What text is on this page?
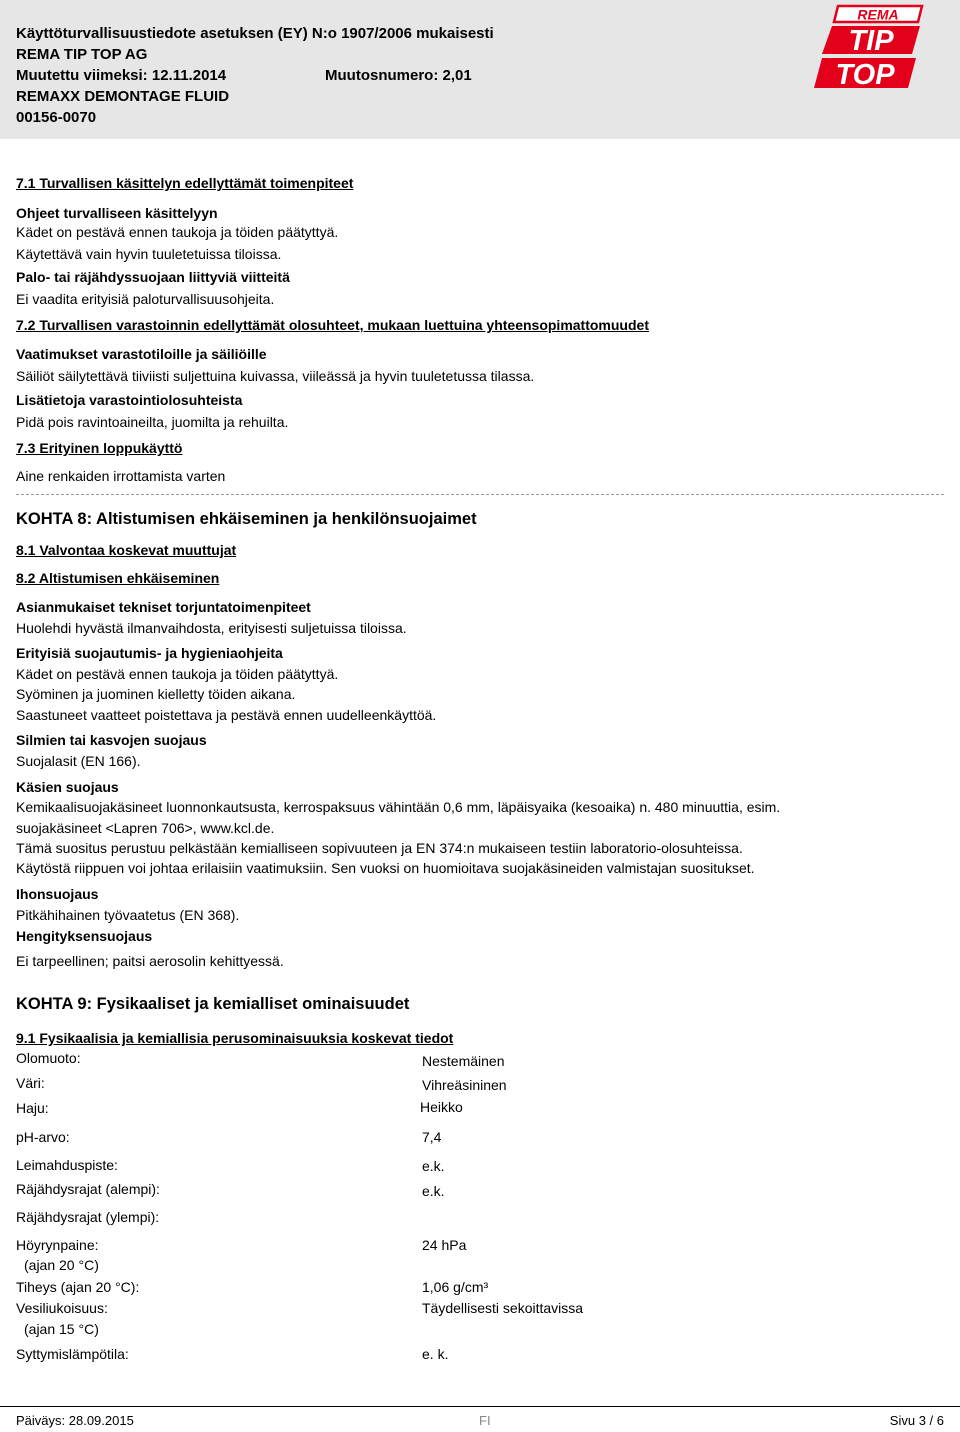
Käyttöturvallisuustiedote asetuksen (EY) N:o 1907/2006 mukaisesti
REMA TIP TOP AG
Muutettu viimeksi: 12.11.2014	Muutosnumero: 2,01
REMAXX DEMONTAGE FLUID
00156-0070
REMA
TIP
TOP
7.1 Turvallisen käsittelyn edellyttämät toimenpiteet
Ohjeet turvalliseen käsittelyyn
Kädet on pestävä ennen taukoja ja töiden päätyttyä.
Käytettävä vain hyvin tuuletetuissa tiloissa.
Palo- tai räjähdyssuojaan liittyviä viitteitä
Ei vaadita erityisiä paloturvallisuusohjeita.
7.2 Turvallisen varastoinnin edellyttämät olosuhteet, mukaan luettuina yhteensopimattomuudet
Vaatimukset varastotiloille ja säiliöille
Säiliöt säilytettävä tiiviisti suljettuina kuivassa, viileässä ja hyvin tuuletetussa tilassa.
Lisätietoja varastointiolosuhteista
Pidä pois ravintoaineilta, juomilta ja rehuilta.
7.3 Erityinen loppukäyttö
Aine renkaiden irrottamista varten
KOHTA 8: Altistumisen ehkäiseminen ja henkilönsuojaimet
8.1 Valvontaa koskevat muuttujat
8.2 Altistumisen ehkäiseminen
Asianmukaiset tekniset torjuntatoimenpiteet
Huolehdi hyvästä ilmanvaihdosta, erityisesti suljetuissa tiloissa.
Erityisiä suojautumis- ja hygieniaohjeita
Kädet on pestävä ennen taukoja ja töiden päätyttyä.
Syöminen ja juominen kielletty töiden aikana.
Saastuneet vaatteet poistettava ja pestävä ennen uudelleenkäyttöä.
Silmien tai kasvojen suojaus
Suojalasit (EN 166).
Käsien suojaus
Kemikaalisuojakäsineet luonnonkautsusta, kerrospaksuus vähintään 0,6 mm, läpäisyaika (kesoaika) n. 480 minuuttia, esim.
suojakäsineet <Lapren 706>, www.kcl.de.
Tämä suositus perustuu pelkästään kemialliseen sopivuuteen ja EN 374:n mukaiseen testiin laboratorio-olosuhteissa.
Käytöstä riippuen voi johtaa erilaisiin vaatimuksiin. Sen vuoksi on huomioitava suojakäsineiden valmistajan suositukset.
Ihonsuojaus
Pitkähihainen työvaatetus (EN 368).
Hengityksensuojaus
Ei tarpeellinen; paitsi aerosolin kehittyessä.
KOHTA 9: Fysikaaliset ja kemialliset ominaisuudet
9.1 Fysikaalisia ja kemiallisia perusominaisuuksia koskevat tiedot
Olomuoto:	Nestemäinen
Väri:	Vihreäsininen
Haju:	Heikko
pH-arvo:	7,4
Leimahduspiste:	e.k.
Räjähdysrajat (alempi):	e.k.
Räjähdysrajat (ylempi):
Höyrynpaine:	24 hPa
(ajan 20 °C)
Tiheys (ajan 20 °C):	1,06 g/cm³
Vesiliukoisuus:	Täydellisesti sekoittavissa
(ajan 15 °C)
Syttymislämpötila:	e. k.
Päiväys: 28.09.2015	FI	Sivu 3 / 6
